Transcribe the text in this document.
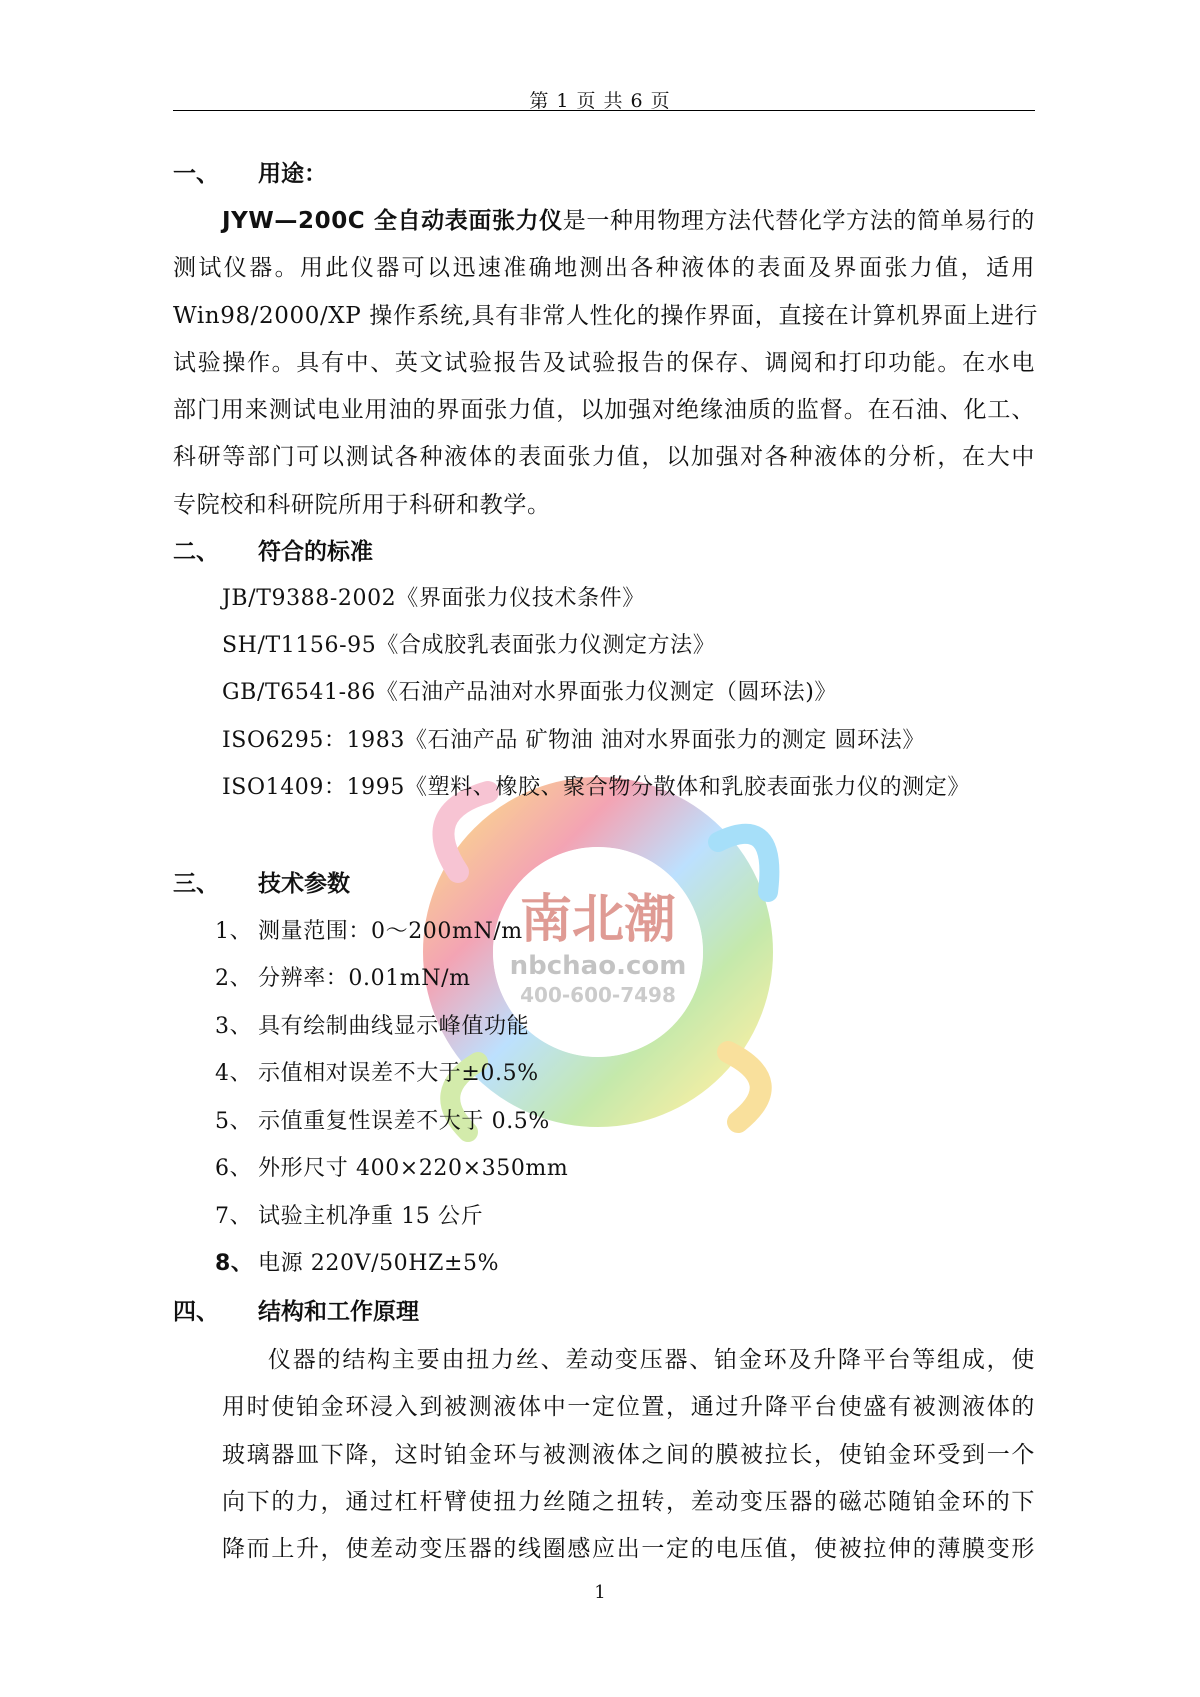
第 1 页 共 6 页
南北潮
nbchao.com
400-600-7498
一、 用途：
JYW—200C 全自动表面张力仪是一种用物理方法代替化学方法的简单易行的
测试仪器。用此仪器可以迅速准确地测出各种液体的表面及界面张力值，适用
Win98/2000/XP 操作系统,具有非常人性化的操作界面，直接在计算机界面上进行
试验操作。具有中、英文试验报告及试验报告的保存、调阅和打印功能。在水电
部门用来测试电业用油的界面张力值，以加强对绝缘油质的监督。在石油、化工、
科研等部门可以测试各种液体的表面张力值，以加强对各种液体的分析，在大中
专院校和科研院所用于科研和教学。
二、 符合的标准
JB/T9388-2002《界面张力仪技术条件》
SH/T1156-95《合成胶乳表面张力仪测定方法》
GB/T6541-86《石油产品油对水界面张力仪测定（圆环法)》
ISO6295：1983《石油产品 矿物油 油对水界面张力的测定 圆环法》
ISO1409：1995《塑料、橡胶、聚合物分散体和乳胶表面张力仪的测定》
三、 技术参数
1、 测量范围：0～200mN/m
2、 分辨率：0.01mN/m
3、 具有绘制曲线显示峰值功能
4、 示值相对误差不大于±0.5%
5、 示值重复性误差不大于 0.5%
6、 外形尺寸 400×220×350mm
7、 试验主机净重 15 公斤
8、 电源 220V/50HZ±5%
四、 结构和工作原理
仪器的结构主要由扭力丝、差动变压器、铂金环及升降平台等组成，使
用时使铂金环浸入到被测液体中一定位置，通过升降平台使盛有被测液体的
玻璃器皿下降，这时铂金环与被测液体之间的膜被拉长，使铂金环受到一个
向下的力，通过杠杆臂使扭力丝随之扭转，差动变压器的磁芯随铂金环的下
降而上升，使差动变压器的线圈感应出一定的电压值，使被拉伸的薄膜变形
1
